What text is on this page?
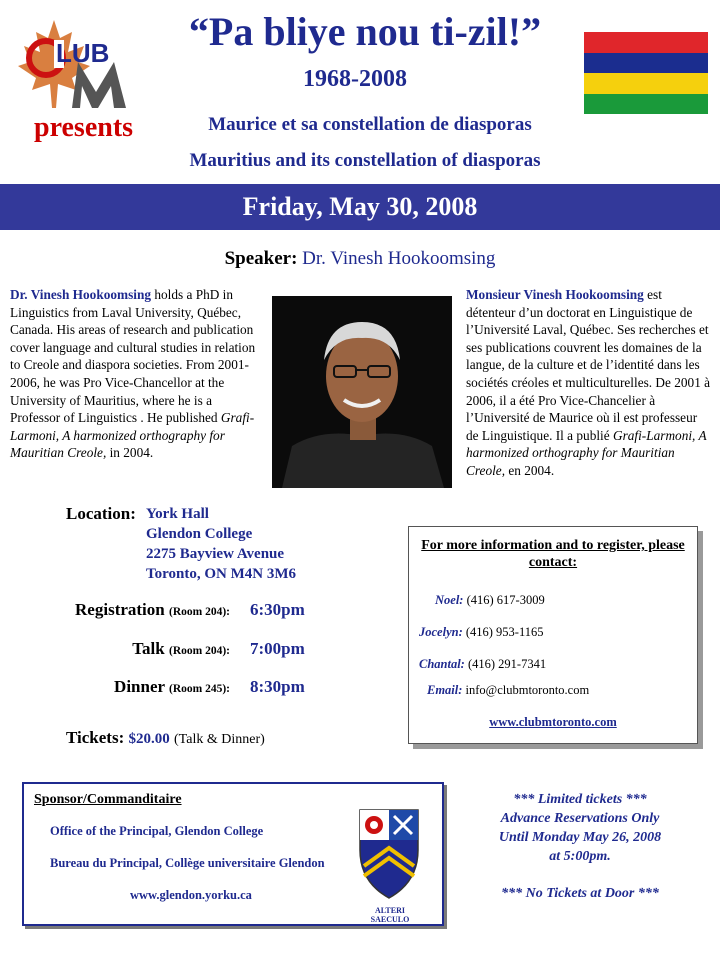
LUB	“Pa bliye nou ti-zil!”
1968-2008
presents	Maurice et sa constellation de diasporas
Mauritius and its constellation of diasporas
Friday, May 30, 2008
Speaker: Dr. Vinesh Hookoomsing
Dr. Vinesh Hookoomsing holds a PhD in Linguistics from Laval University, Québec, Canada. His areas of research and publication cover language and cultural studies in relation to Creole and diaspora societies. From 2001-2006, he was Pro Vice-Chancellor at the University of Mauritius, where he is a Professor of Linguistics . He published Grafi-Larmoni, A harmonized orthography for Mauritian Creole, in 2004.
Monsieur Vinesh Hookoomsing est détenteur d’un doctorat en Linguistique de l’Université Laval, Québec. Ses recherches et ses publications couvrent les domaines de la langue, de la culture et de l’identité dans les sociétés créoles et multiculturelles. De 2001 à 2006, il a été Pro Vice-Chancelier à l’Université de Maurice où il est professeur de Linguistique. Il a publié Grafi-Larmoni, A harmonized orthography for Mauritian Creole, en 2004.
Location: York Hall
Glendon College
2275 Bayview Avenue
Toronto, ON M4N 3M6
Registration (Room 204): 6:30pm
Talk (Room 204): 7:00pm
Dinner (Room 245): 8:30pm
Tickets: $20.00 (Talk & Dinner)
For more information and to register, please contact:
Noel: (416) 617-3009
Jocelyn: (416) 953-1165
Chantal: (416) 291-7341
Email: info@clubmtoronto.com
www.clubmtoronto.com
Sponsor/Commanditaire
Office of the Principal, Glendon College
Bureau du Principal, Collège universitaire Glendon
www.glendon.yorku.ca
ALTERI SAECULO
*** Limited tickets ***
Advance Reservations Only
Until Monday May 26, 2008
at 5:00pm.
*** No Tickets at Door ***
